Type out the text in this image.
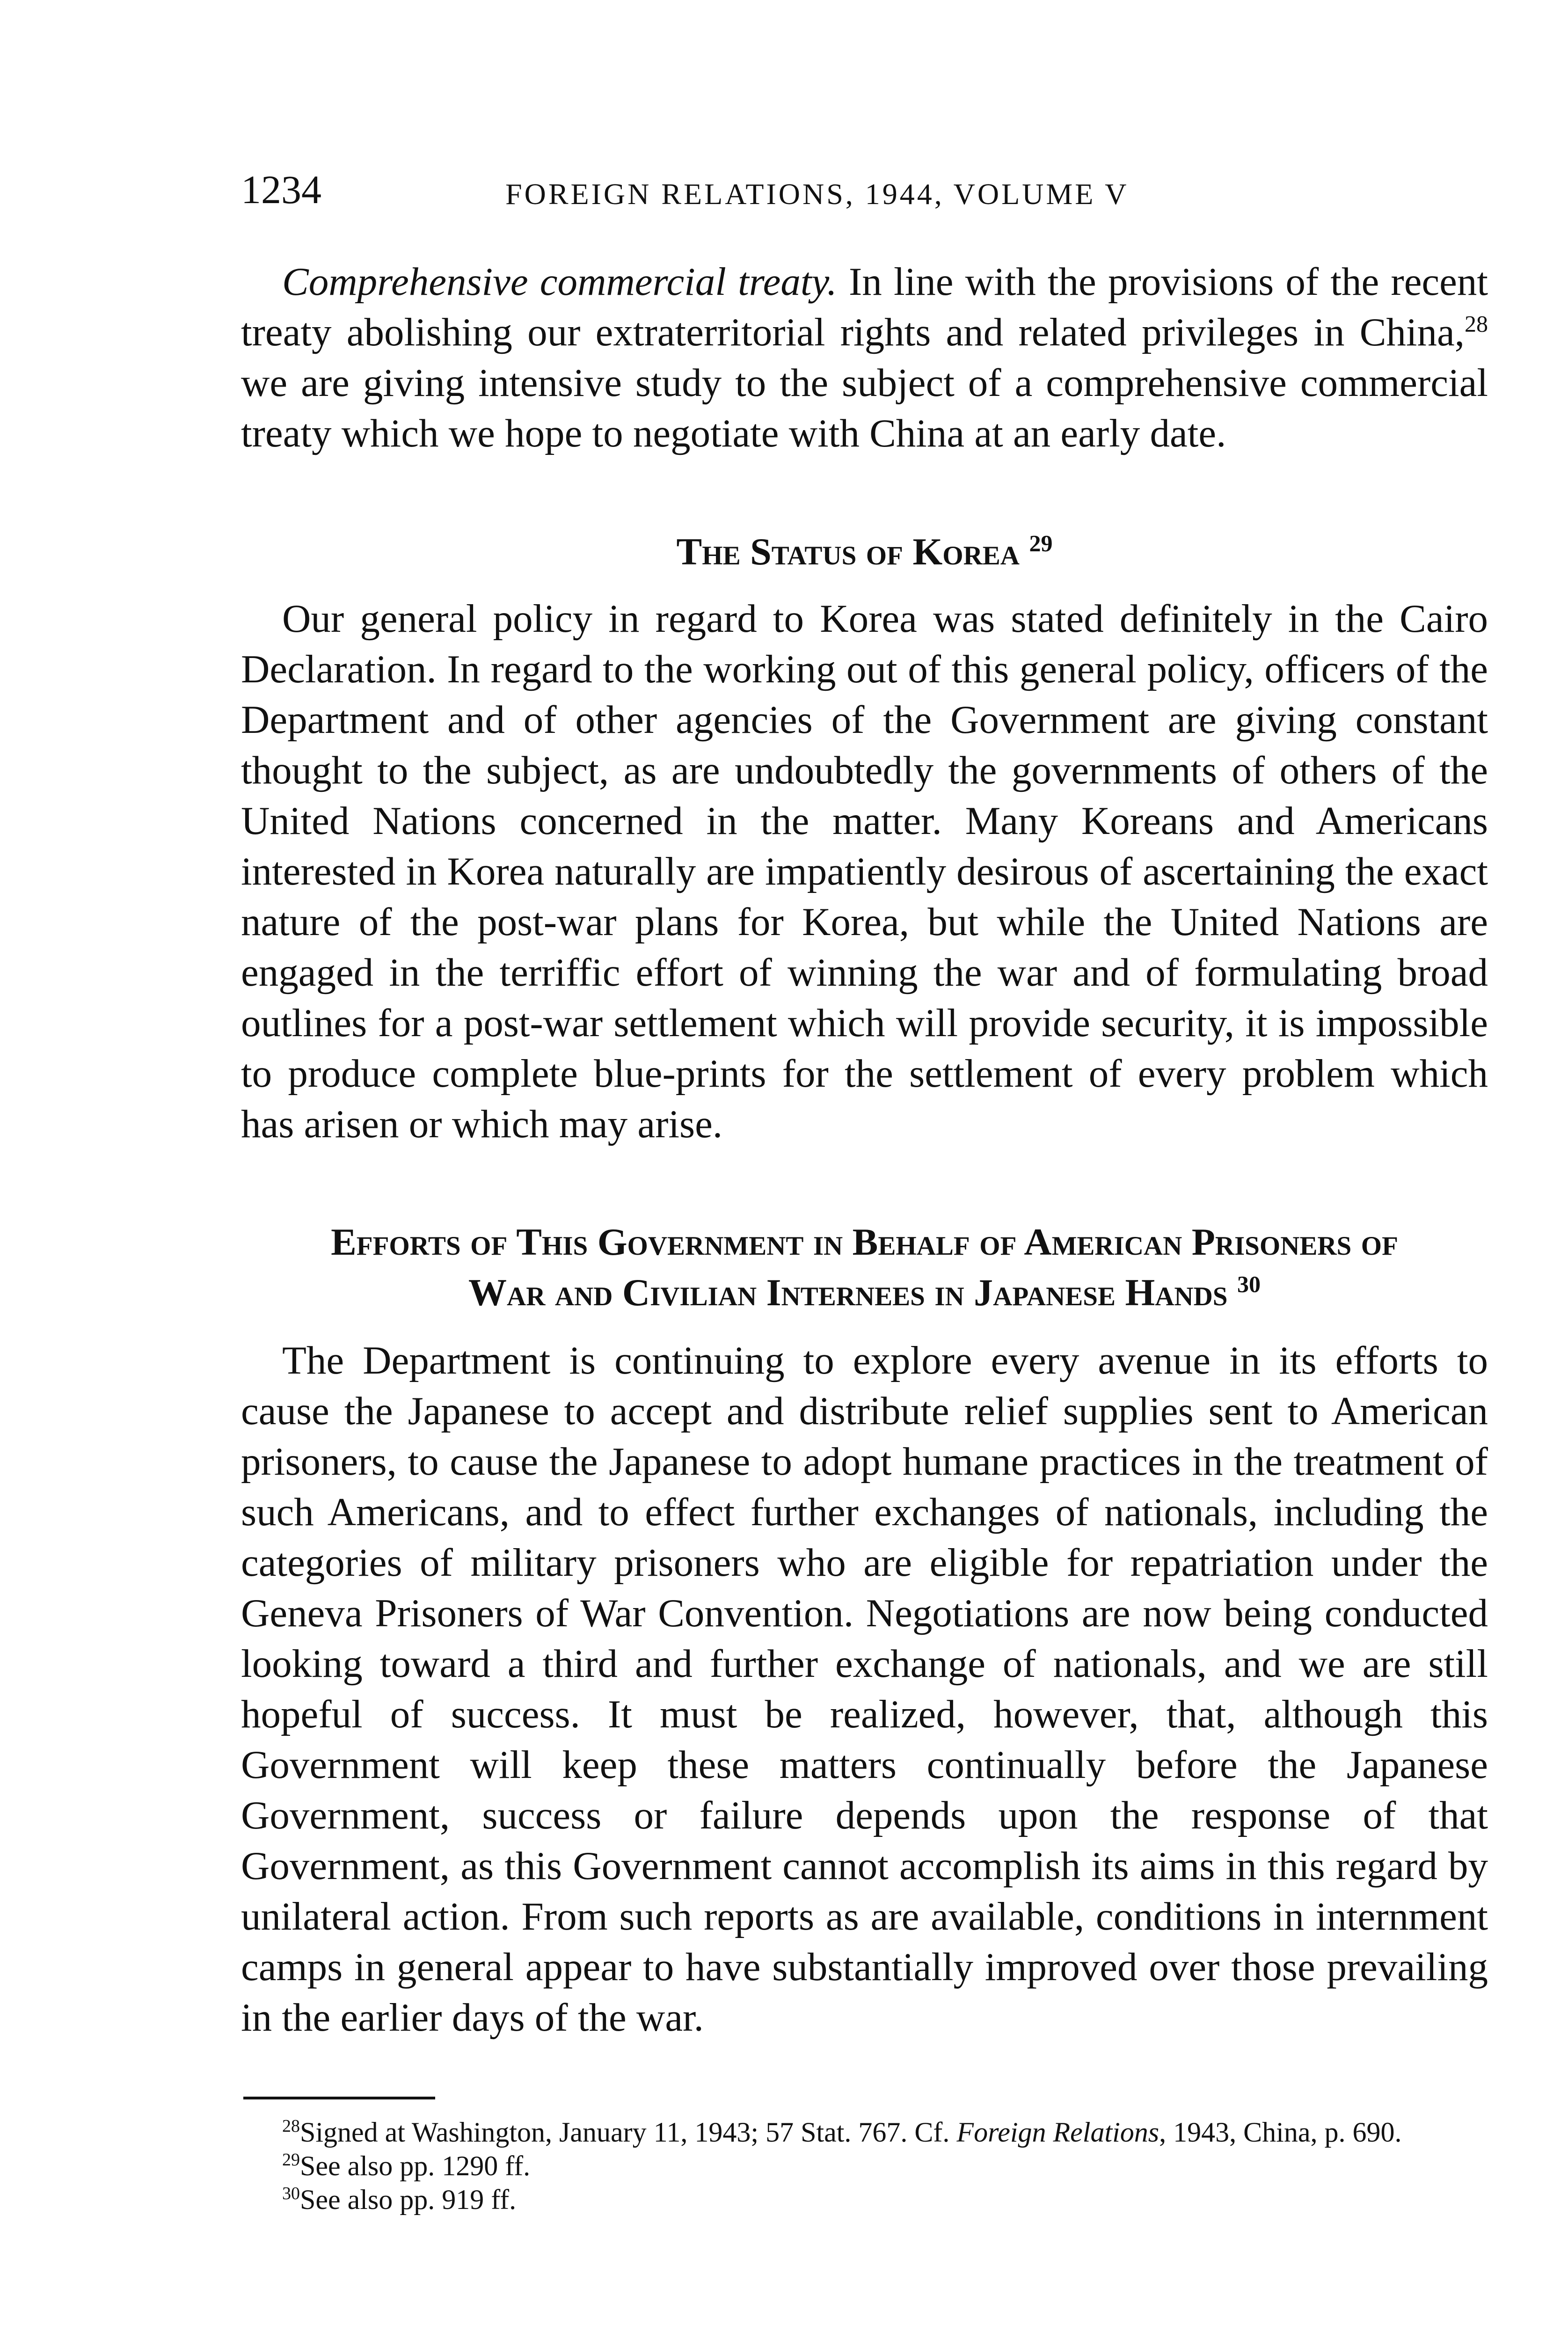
1234	FOREIGN RELATIONS, 1944, VOLUME V

Comprehensive commercial treaty. In line with the provisions of the recent treaty abolishing our extraterritorial rights and related privileges in China,$^{28}$ we are giving intensive study to the subject of a comprehensive commercial treaty which we hope to negotiate with China at an early date.

The Status of Korea $^{29}$

Our general policy in regard to Korea was stated definitely in the Cairo Declaration. In regard to the working out of this general policy, officers of the Department and of other agencies of the Government are giving constant thought to the subject, as are undoubtedly the governments of others of the United Nations concerned in the matter. Many Koreans and Americans interested in Korea naturally are impatiently desirous of ascertaining the exact nature of the post-war plans for Korea, but while the United Nations are engaged in the terriffic effort of winning the war and of formulating broad outlines for a post-war settlement which will provide security, it is impossible to produce complete blue-prints for the settlement of every problem which has arisen or which may arise.

Efforts of This Government in Behalf of American Prisoners of
War and Civilian Internees in Japanese Hands $^{30}$

The Department is continuing to explore every avenue in its efforts to cause the Japanese to accept and distribute relief supplies sent to American prisoners, to cause the Japanese to adopt humane practices in the treatment of such Americans, and to effect further exchanges of nationals, including the categories of military prisoners who are eligible for repatriation under the Geneva Prisoners of War Convention. Negotiations are now being conducted looking toward a third and further exchange of nationals, and we are still hopeful of success. It must be realized, however, that, although this Government will keep these matters continually before the Japanese Government, success or failure depends upon the response of that Government, as this Government cannot accomplish its aims in this regard by unilateral action. From such reports as are available, conditions in internment camps in general appear to have substantially improved over those prevailing in the earlier days of the war.

$^{28}$Signed at Washington, January 11, 1943; 57 Stat. 767. Cf. Foreign Relations, 1943, China, p. 690.

$^{29}$See also pp. 1290 ff.

$^{30}$See also pp. 919 ff.
